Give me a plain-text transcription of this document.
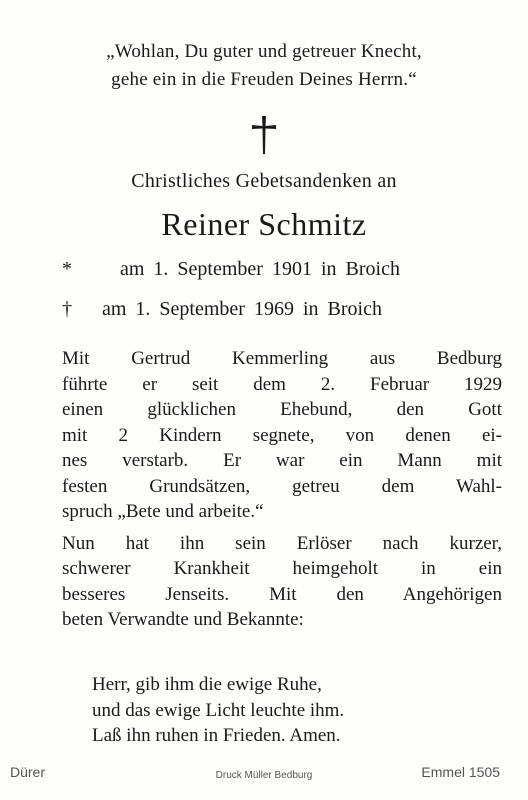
„Wohlan, Du guter und getreuer Knecht,
gehe ein in die Freuden Deines Herrn.“
Christliches Gebetsandenken an
Reiner Schmitz
*	am 1. September 1901 in Broich
†	am 1. September 1969 in Broich
Mit Gertrud Kemmerling aus Bedburg
führte er seit dem 2. Februar 1929
einen glücklichen Ehebund, den Gott
mit 2 Kindern segnete, von denen ei-
nes verstarb. Er war ein Mann mit
festen Grundsätzen, getreu dem Wahl-
spruch „Bete und arbeite.“
Nun hat ihn sein Erlöser nach kurzer,
schwerer Krankheit heimgeholt in ein
besseres Jenseits. Mit den Angehörigen
beten Verwandte und Bekannte:
Herr, gib ihm die ewige Ruhe,
und das ewige Licht leuchte ihm.
Laß ihn ruhen in Frieden. Amen.
Dürer	Druck Müller Bedburg	Emmel 1505
